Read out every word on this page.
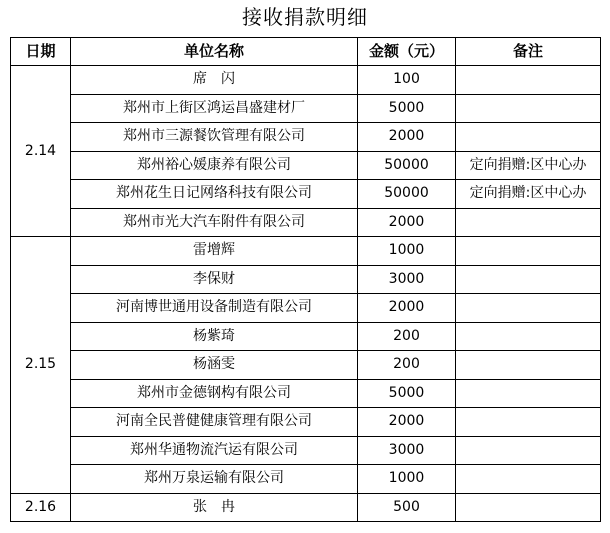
接收捐款明细
日期	单位名称	金额（元）	备注
2.14	席　闪	100	
	郑州市上街区鸿运昌盛建材厂	5000	
	郑州市三源餐饮管理有限公司	2000	
	郑州裕心媛康养有限公司	50000	定向捐赠:区中心办
	郑州花生日记网络科技有限公司	50000	定向捐赠:区中心办
	郑州市光大汽车附件有限公司	2000	
2.15	雷增辉	1000	
	李保财	3000	
	河南博世通用设备制造有限公司	2000	
	杨紫琦	200	
	杨涵雯	200	
	郑州市金德钢构有限公司	5000	
	河南全民普健健康管理有限公司	2000	
	郑州华通物流汽运有限公司	3000	
	郑州万泉运输有限公司	1000	
2.16	张　冉	500	
